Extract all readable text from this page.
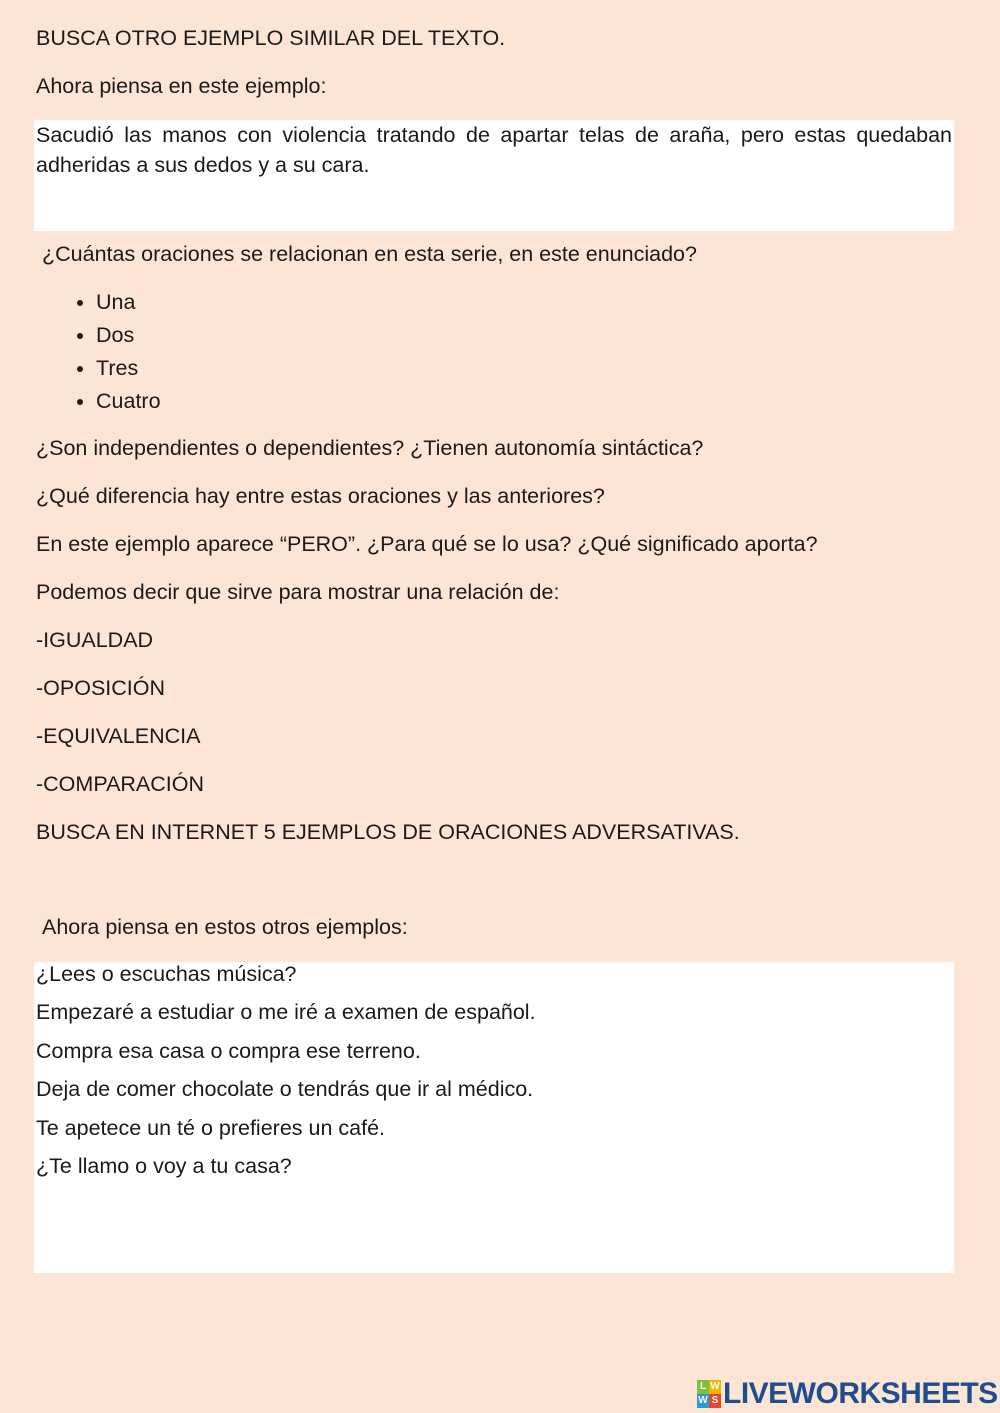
BUSCA OTRO EJEMPLO SIMILAR DEL TEXTO.
Ahora piensa en este ejemplo:
Sacudió las manos con violencia tratando de apartar telas de araña, pero estas quedaban adheridas a sus dedos y a su cara.
¿Cuántas oraciones se relacionan en esta serie, en este enunciado?
• Una
• Dos
• Tres
• Cuatro
¿Son independientes o dependientes? ¿Tienen autonomía sintáctica?
¿Qué diferencia hay entre estas oraciones y las anteriores?
En este ejemplo aparece “PERO”. ¿Para qué se lo usa? ¿Qué significado aporta?
Podemos decir que sirve para mostrar una relación de:
-IGUALDAD
-OPOSICIÓN
-EQUIVALENCIA
-COMPARACIÓN
BUSCA EN INTERNET 5 EJEMPLOS DE ORACIONES ADVERSATIVAS.
Ahora piensa en estos otros ejemplos:
¿Lees o escuchas música?
Empezaré a estudiar o me iré a examen de español.
Compra esa casa o compra ese terreno.
Deja de comer chocolate o tendrás que ir al médico.
Te apetece un té o prefieres un café.
¿Te llamo o voy a tu casa?
L W
W S LIVEWORKSHEETS
